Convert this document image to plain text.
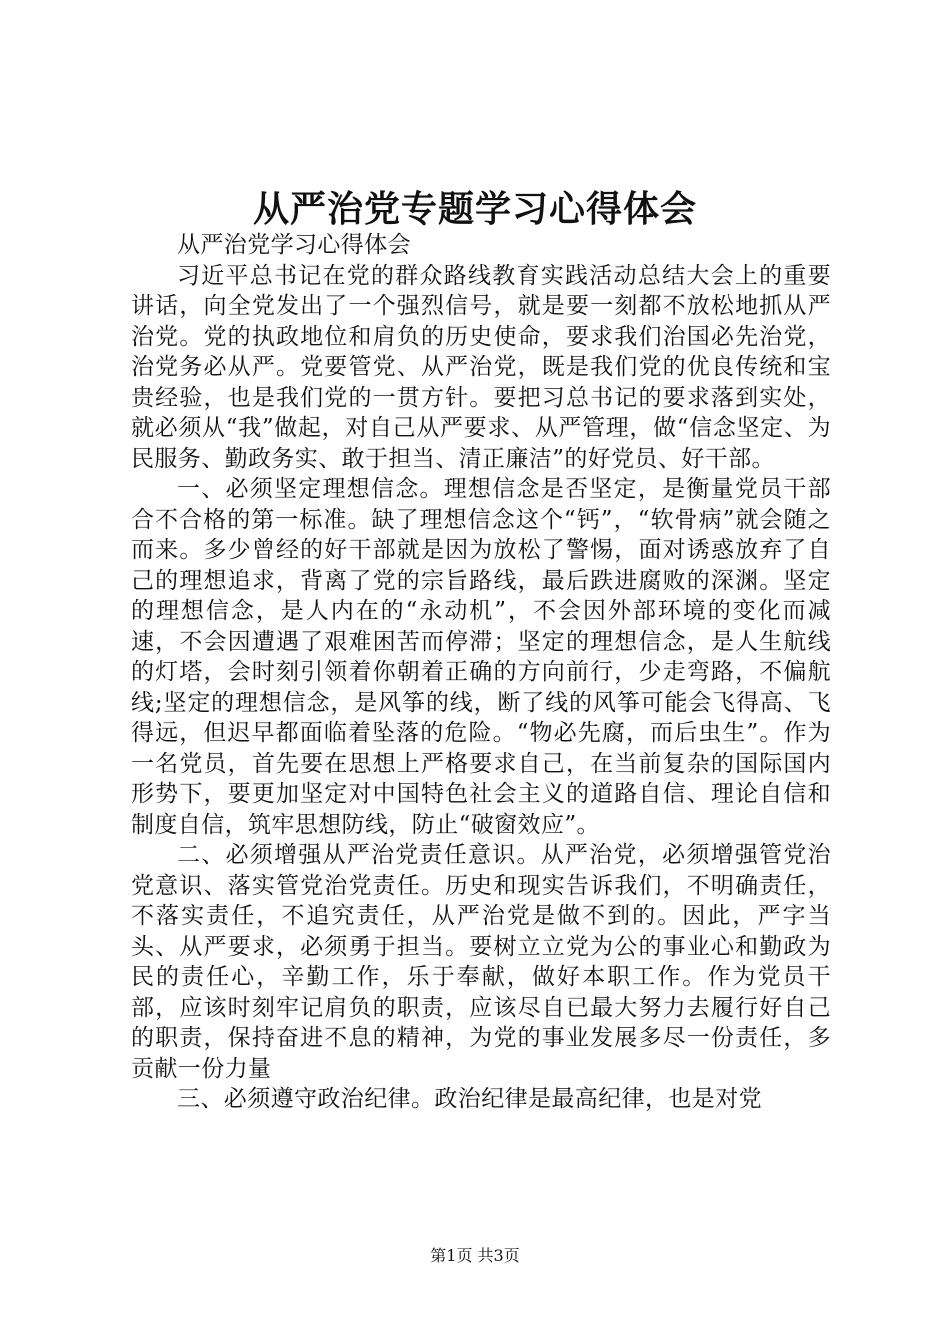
从严治党专题学习心得体会

从严治党学习心得体会

习近平总书记在党的群众路线教育实践活动总结大会上的重要讲话，向全党发出了一个强烈信号，就是要一刻都不放松地抓从严治党。党的执政地位和肩负的历史使命，要求我们治国必先治党，治党务必从严。党要管党、从严治党，既是我们党的优良传统和宝贵经验，也是我们党的一贯方针。要把习总书记的要求落到实处，就必须从“我”做起，对自己从严要求、从严管理，做“信念坚定、为民服务、勤政务实、敢于担当、清正廉洁”的好党员、好干部。

一、必须坚定理想信念。理想信念是否坚定，是衡量党员干部合不合格的第一标准。缺了理想信念这个“钙”，“软骨病”就会随之而来。多少曾经的好干部就是因为放松了警惕，面对诱惑放弃了自己的理想追求，背离了党的宗旨路线，最后跌进腐败的深渊。坚定的理想信念，是人内在的“永动机”，不会因外部环境的变化而减速，不会因遭遇了艰难困苦而停滞；坚定的理想信念，是人生航线的灯塔，会时刻引领着你朝着正确的方向前行，少走弯路，不偏航线;坚定的理想信念，是风筝的线，断了线的风筝可能会飞得高、飞得远，但迟早都面临着坠落的危险。“物必先腐，而后虫生”。作为一名党员，首先要在思想上严格要求自己，在当前复杂的国际国内形势下，要更加坚定对中国特色社会主义的道路自信、理论自信和制度自信，筑牢思想防线，防止“破窗效应”。

二、必须增强从严治党责任意识。从严治党，必须增强管党治党意识、落实管党治党责任。历史和现实告诉我们，不明确责任，不落实责任，不追究责任，从严治党是做不到的。因此，严字当头、从严要求，必须勇于担当。要树立立党为公的事业心和勤政为民的责任心，辛勤工作，乐于奉献，做好本职工作。作为党员干部，应该时刻牢记肩负的职责，应该尽自已最大努力去履行好自己的职责，保持奋进不息的精神，为党的事业发展多尽一份责任，多贡献一份力量

三、必须遵守政治纪律。政治纪律是最高纪律，也是对党

第1页 共3页
